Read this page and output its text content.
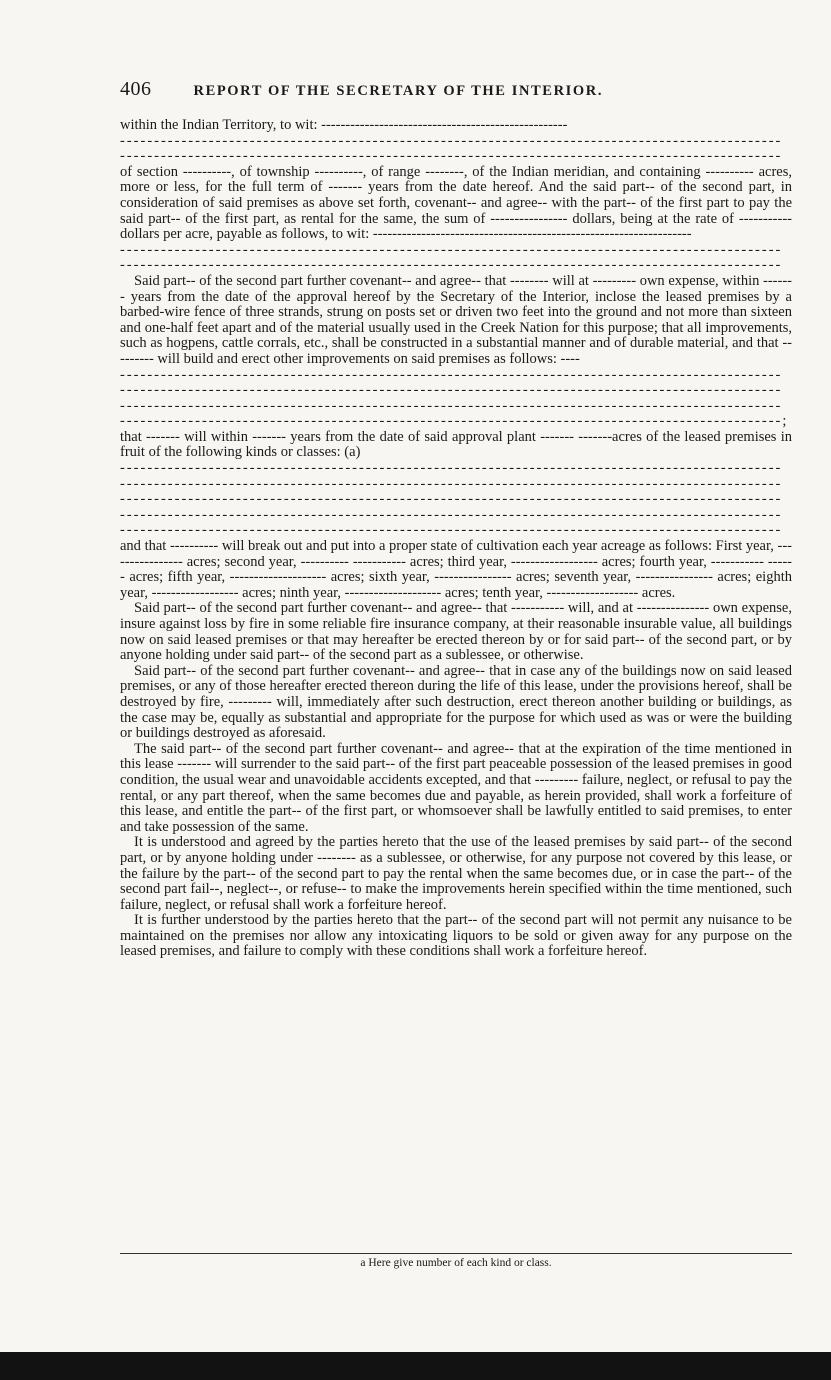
406	REPORT OF THE SECRETARY OF THE INTERIOR.

within the Indian Territory, to wit: ---------------------------------------------------

-------------------------------------------------------------------------------------------------

-------------------------------------------------------------------------------------------------

of section ----------, of township ----------, of range --------, of the Indian meridian, and containing ---------- acres, more or less, for the full term of ------- years from the date hereof. And the said part-- of the second part, in consideration of said premises as above set forth, covenant-- and agree-- with the part-- of the first part to pay the said part-- of the first part, as rental for the same, the sum of ---------------- dollars, being at the rate of ----------- dollars per acre, payable as follows, to wit: ------------------------------------------------------------------

-------------------------------------------------------------------------------------------------

-------------------------------------------------------------------------------------------------

Said part-- of the second part further covenant-- and agree-- that -------- will at --------- own expense, within ------- years from the date of the approval hereof by the Secretary of the Interior, inclose the leased premises by a barbed-wire fence of three strands, strung on posts set or driven two feet into the ground and not more than sixteen and one-half feet apart and of the material usually used in the Creek Nation for this purpose; that all improvements, such as hogpens, cattle corrals, etc., shall be constructed in a substantial manner and of durable material, and that --------- will build and erect other improvements on said premises as follows: ----

-------------------------------------------------------------------------------------------------

-------------------------------------------------------------------------------------------------

-------------------------------------------------------------------------------------------------

-------------------------------------------------------------------------------------------------;

that ------- will within ------- years from the date of said approval plant ------- -------acres of the leased premises in fruit of the following kinds or classes: (a)

-------------------------------------------------------------------------------------------------

-------------------------------------------------------------------------------------------------

-------------------------------------------------------------------------------------------------

-------------------------------------------------------------------------------------------------

-------------------------------------------------------------------------------------------------

and that ---------- will break out and put into a proper state of cultivation each year acreage as follows: First year, ---------------- acres; second year, ---------- ----------- acres; third year, ------------------ acres; fourth year, ----------- ------ acres; fifth year, -------------------- acres; sixth year, ---------------- acres; seventh year, ---------------- acres; eighth year, ------------------ acres; ninth year, -------------------- acres; tenth year, ------------------- acres.

Said part-- of the second part further covenant-- and agree-- that ----------- will, and at --------------- own expense, insure against loss by fire in some reliable fire insurance company, at their reasonable insurable value, all buildings now on said leased premises or that may hereafter be erected thereon by or for said part-- of the second part, or by anyone holding under said part-- of the second part as a sublessee, or otherwise.

Said part-- of the second part further covenant-- and agree-- that in case any of the buildings now on said leased premises, or any of those hereafter erected thereon during the life of this lease, under the provisions hereof, shall be destroyed by fire, --------- will, immediately after such destruction, erect thereon another building or buildings, as the case may be, equally as substantial and appropriate for the purpose for which used as was or were the building or buildings destroyed as aforesaid.

The said part-- of the second part further covenant-- and agree-- that at the expiration of the time mentioned in this lease ------- will surrender to the said part-- of the first part peaceable possession of the leased premises in good condition, the usual wear and unavoidable accidents excepted, and that --------- failure, neglect, or refusal to pay the rental, or any part thereof, when the same becomes due and payable, as herein provided, shall work a forfeiture of this lease, and entitle the part-- of the first part, or whomsoever shall be lawfully entitled to said premises, to enter and take possession of the same.

It is understood and agreed by the parties hereto that the use of the leased premises by said part-- of the second part, or by anyone holding under -------- as a sublessee, or otherwise, for any purpose not covered by this lease, or the failure by the part-- of the second part to pay the rental when the same becomes due, or in case the part-- of the second part fail--, neglect--, or refuse-- to make the improvements herein specified within the time mentioned, such failure, neglect, or refusal shall work a forfeiture hereof.

It is further understood by the parties hereto that the part-- of the second part will not permit any nuisance to be maintained on the premises nor allow any intoxicating liquors to be sold or given away for any purpose on the leased premises, and failure to comply with these conditions shall work a forfeiture hereof.

a Here give number of each kind or class.
